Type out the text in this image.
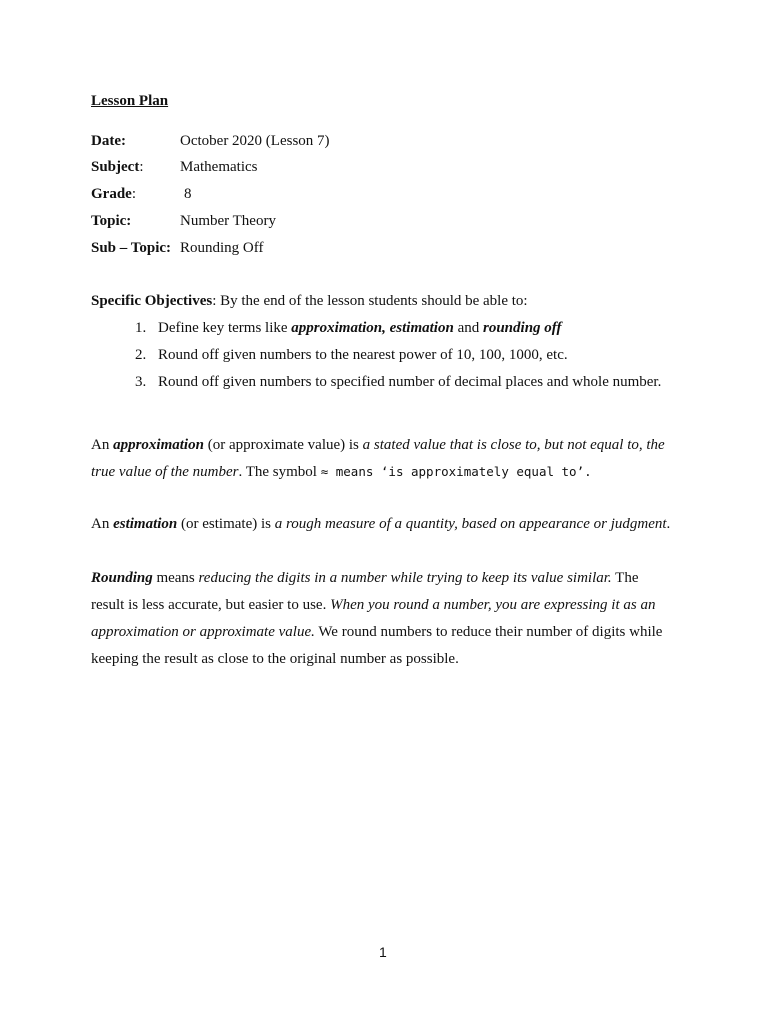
Lesson Plan
Date:	October 2020 (Lesson 7)
Subject: Mathematics
Grade:	8
Topic:	Number Theory
Sub – Topic: Rounding Off
Specific Objectives: By the end of the lesson students should be able to:
1. Define key terms like approximation, estimation and rounding off
2. Round off given numbers to the nearest power of 10, 100, 1000, etc.
3. Round off given numbers to specified number of decimal places and whole number.
An approximation (or approximate value) is a stated value that is close to, but not equal to, the
true value of the number. The symbol ≈ means ‘is approximately equal to’.
An estimation (or estimate) is a rough measure of a quantity, based on appearance or judgment.
Rounding means reducing the digits in a number while trying to keep its value similar. The
result is less accurate, but easier to use. When you round a number, you are expressing it as an
approximation or approximate value. We round numbers to reduce their number of digits while
keeping the result as close to the original number as possible.
1
